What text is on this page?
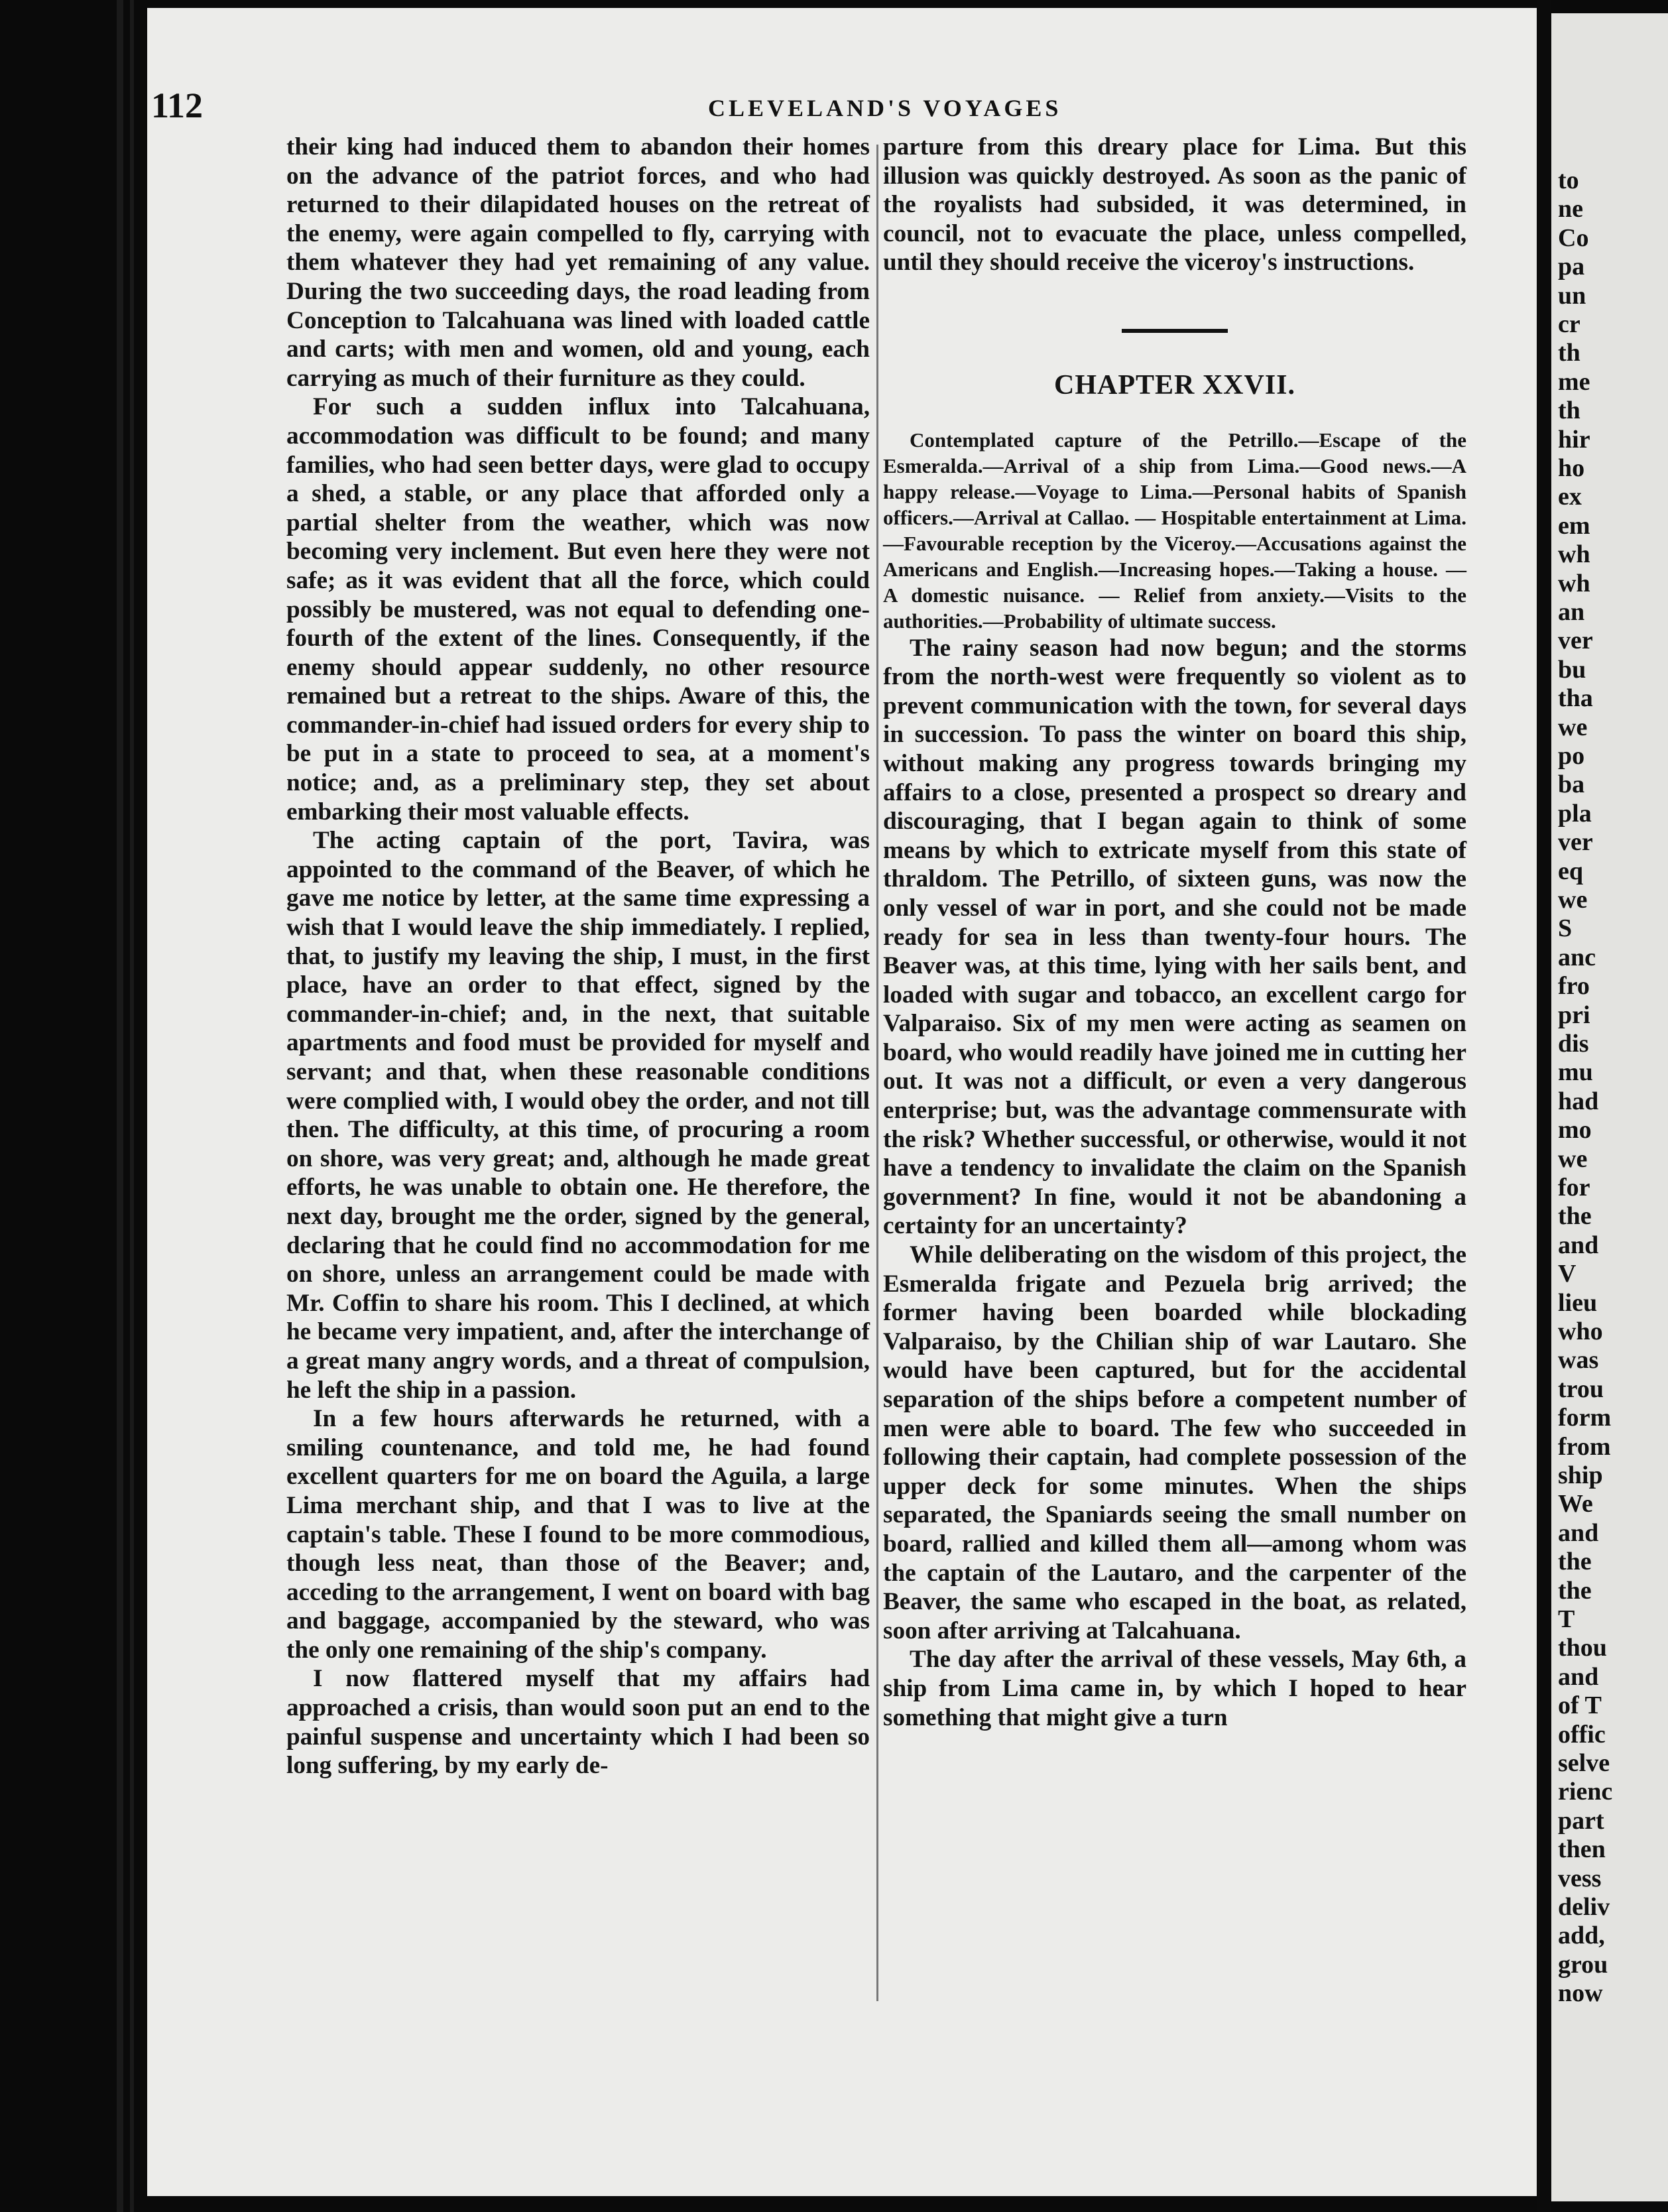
112	CLEVELAND'S VOYAGES

their king had induced them to abandon their homes on the advance of the patriot forces, and who had returned to their dilapidated houses on the retreat of the enemy, were again compelled to fly, carrying with them whatever they had yet remaining of any value. During the two succeeding days, the road leading from Conception to Talcahuana was lined with loaded cattle and carts; with men and women, old and young, each carrying as much of their furniture as they could.

For such a sudden influx into Talcahuana, accommodation was difficult to be found; and many families, who had seen better days, were glad to occupy a shed, a stable, or any place that afforded only a partial shelter from the weather, which was now becoming very inclement. But even here they were not safe; as it was evident that all the force, which could possibly be mustered, was not equal to defending one-fourth of the extent of the lines. Consequently, if the enemy should appear suddenly, no other resource remained but a retreat to the ships. Aware of this, the commander-in-chief had issued orders for every ship to be put in a state to proceed to sea, at a moment's notice; and, as a preliminary step, they set about embarking their most valuable effects.

The acting captain of the port, Tavira, was appointed to the command of the Beaver, of which he gave me notice by letter, at the same time expressing a wish that I would leave the ship immediately. I replied, that, to justify my leaving the ship, I must, in the first place, have an order to that effect, signed by the commander-in-chief; and, in the next, that suitable apartments and food must be provided for myself and servant; and that, when these reasonable conditions were complied with, I would obey the order, and not till then. The difficulty, at this time, of procuring a room on shore, was very great; and, although he made great efforts, he was unable to obtain one. He therefore, the next day, brought me the order, signed by the general, declaring that he could find no accommodation for me on shore, unless an arrangement could be made with Mr. Coffin to share his room. This I declined, at which he became very impatient, and, after the interchange of a great many angry words, and a threat of compulsion, he left the ship in a passion.

In a few hours afterwards he returned, with a smiling countenance, and told me, he had found excellent quarters for me on board the Aguila, a large Lima merchant ship, and that I was to live at the captain's table. These I found to be more commodious, though less neat, than those of the Beaver; and, acceding to the arrangement, I went on board with bag and baggage, accompanied by the steward, who was the only one remaining of the ship's company.

I now flattered myself that my affairs had approached a crisis, than would soon put an end to the painful suspense and uncertainty which I had been so long suffering, by my early de-

parture from this dreary place for Lima. But this illusion was quickly destroyed. As soon as the panic of the royalists had subsided, it was determined, in council, not to evacuate the place, unless compelled, until they should receive the viceroy's instructions.

CHAPTER XXVII.

Contemplated capture of the Petrillo.—Escape of the Esmeralda.—Arrival of a ship from Lima.—Good news.—A happy release.—Voyage to Lima.—Personal habits of Spanish officers.—Arrival at Callao. — Hospitable entertainment at Lima.—Favourable reception by the Viceroy.—Accusations against the Americans and English.—Increasing hopes.—Taking a house. — A domestic nuisance. — Relief from anxiety.—Visits to the authorities.—Probability of ultimate success.

The rainy season had now begun; and the storms from the north-west were frequently so violent as to prevent communication with the town, for several days in succession. To pass the winter on board this ship, without making any progress towards bringing my affairs to a close, presented a prospect so dreary and discouraging, that I began again to think of some means by which to extricate myself from this state of thraldom. The Petrillo, of sixteen guns, was now the only vessel of war in port, and she could not be made ready for sea in less than twenty-four hours. The Beaver was, at this time, lying with her sails bent, and loaded with sugar and tobacco, an excellent cargo for Valparaiso. Six of my men were acting as seamen on board, who would readily have joined me in cutting her out. It was not a difficult, or even a very dangerous enterprise; but, was the advantage commensurate with the risk? Whether successful, or otherwise, would it not have a tendency to invalidate the claim on the Spanish government? In fine, would it not be abandoning a certainty for an uncertainty?

While deliberating on the wisdom of this project, the Esmeralda frigate and Pezuela brig arrived; the former having been boarded while blockading Valparaiso, by the Chilian ship of war Lautaro. She would have been captured, but for the accidental separation of the ships before a competent number of men were able to board. The few who succeeded in following their captain, had complete possession of the upper deck for some minutes. When the ships separated, the Spaniards seeing the small number on board, rallied and killed them all—among whom was the captain of the Lautaro, and the carpenter of the Beaver, the same who escaped in the boat, as related, soon after arriving at Talcahuana.

The day after the arrival of these vessels, May 6th, a ship from Lima came in, by which I hoped to hear something that might give a turn

to
ne
Co
pa
un
cr
th
me
th
hir
ho
ex
em
wh
wh
an
ver
bu
tha
we
po
ba
pla
ver
eq
we
S
anc
fro
pri
dis
mu
had
mo
we
for
the
and
V
lieu
who
was
trou
form
from
ship
We
and
the
the
T
thou
and
of T
offic
selve
rienc
part
then
vess
deliv
add,
grou
now
